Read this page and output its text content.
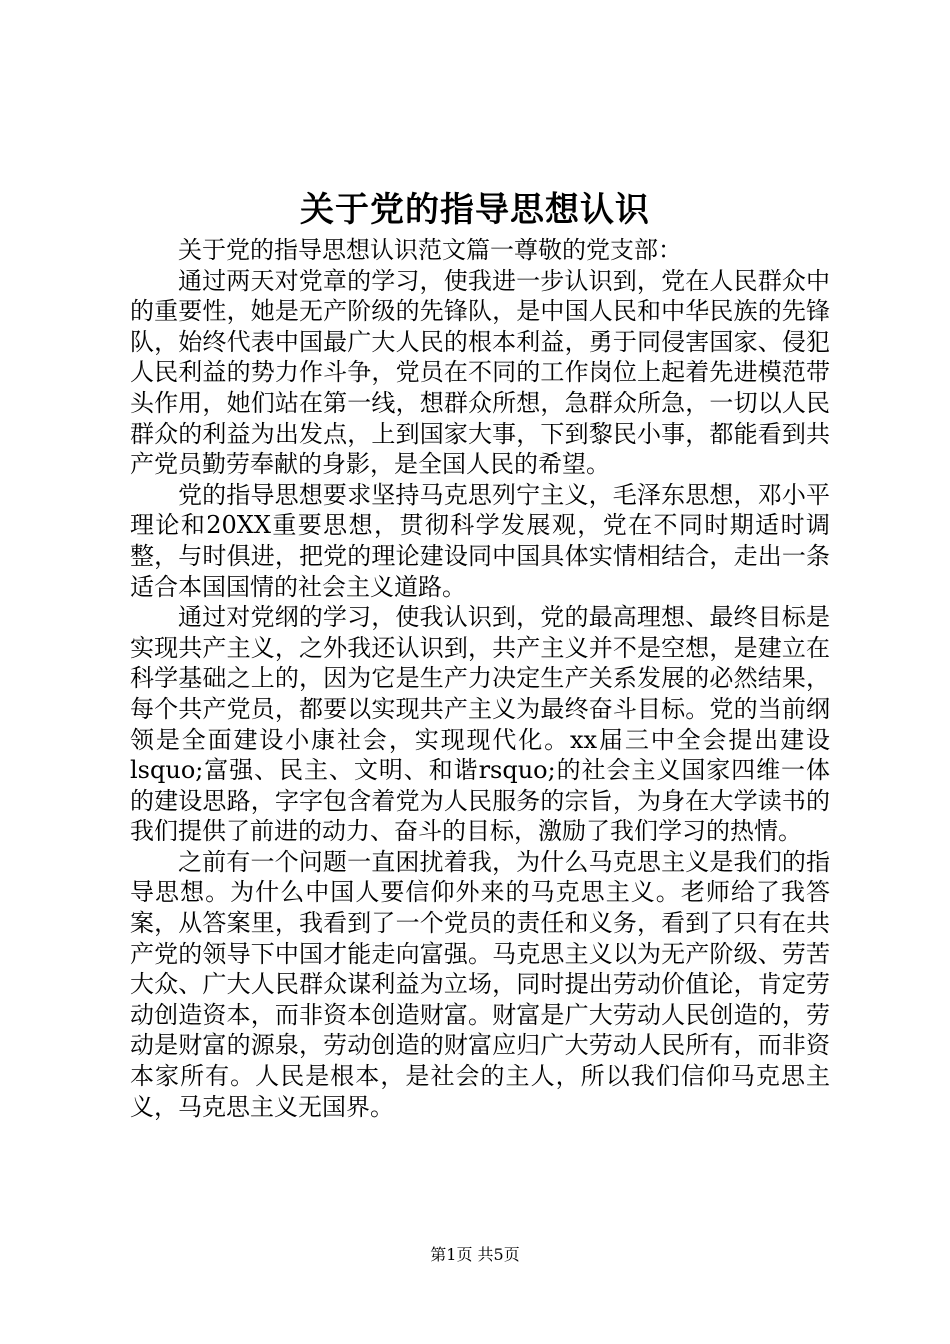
关于党的指导思想认识

关于党的指导思想认识范文篇一尊敬的党支部：

通过两天对党章的学习，使我进一步认识到，党在人民群众中的重要性，她是无产阶级的先锋队，是中国人民和中华民族的先锋队，始终代表中国最广大人民的根本利益，勇于同侵害国家、侵犯人民利益的势力作斗争，党员在不同的工作岗位上起着先进模范带头作用，她们站在第一线，想群众所想，急群众所急，一切以人民群众的利益为出发点，上到国家大事，下到黎民小事，都能看到共产党员勤劳奉献的身影，是全国人民的希望。

党的指导思想要求坚持马克思列宁主义，毛泽东思想，邓小平理论和20XX重要思想，贯彻科学发展观，党在不同时期适时调整，与时俱进，把党的理论建设同中国具体实情相结合，走出一条适合本国国情的社会主义道路。

通过对党纲的学习，使我认识到，党的最高理想、最终目标是实现共产主义，之外我还认识到，共产主义并不是空想，是建立在科学基础之上的，因为它是生产力决定生产关系发展的必然结果，每个共产党员，都要以实现共产主义为最终奋斗目标。党的当前纲领是全面建设小康社会，实现现代化。xx届三中全会提出建设lsquo;富强、民主、文明、和谐rsquo;的社会主义国家四维一体的建设思路，字字包含着党为人民服务的宗旨，为身在大学读书的我们提供了前进的动力、奋斗的目标，激励了我们学习的热情。

之前有一个问题一直困扰着我，为什么马克思主义是我们的指导思想。为什么中国人要信仰外来的马克思主义。老师给了我答案，从答案里，我看到了一个党员的责任和义务，看到了只有在共产党的领导下中国才能走向富强。马克思主义以为无产阶级、劳苦大众、广大人民群众谋利益为立场，同时提出劳动价值论，肯定劳动创造资本，而非资本创造财富。财富是广大劳动人民创造的，劳动是财富的源泉，劳动创造的财富应归广大劳动人民所有，而非资本家所有。人民是根本，是社会的主人，所以我们信仰马克思主义，马克思主义无国界。

第1页 共5页
